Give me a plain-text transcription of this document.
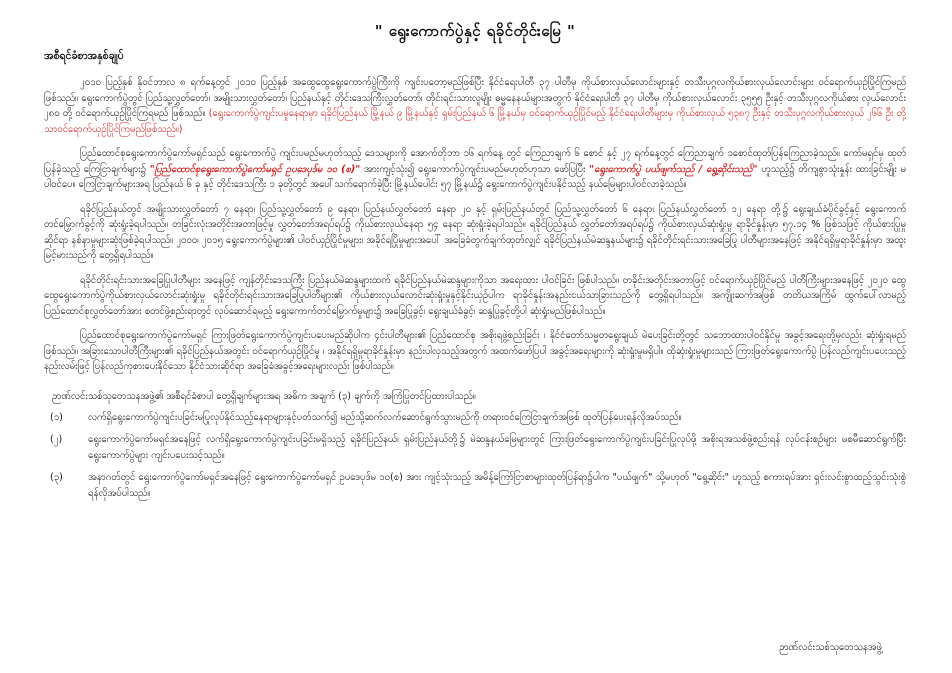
" ရွေးကောက်ပွဲနှင့် ရခိုင်တိုင်းမြေ "
အစီရင်ခံစာအနှစ်ချုပ်

၂၀၁၀ ပြည့်နှစ် နိုဝင်ဘာလ ၈ ရက်နေ့တွင် ၂၀၁၀ ပြည့်နှစ် အထွေထွေရွေးကောက်ပွဲကြီးကို ကျင်းပတော့မည်ဖြစ်ပြီး နိုင်ငံရေးပါတီ ၃၇ ပါတီမှ ကိုယ်စားလှယ်လောင်းများနှင့် တသီးပုဂ္ဂလကိုယ်စားလှယ်လောင်းများ ဝင်ရောက်ယှဉ်ပြိုင်ကြမည် ဖြစ်သည်။ ရွေးကောက်ပွဲတွင် ပြည်သူ့လွှတ်တော်၊ အမျိုးသားလွှတ်တော်၊ ပြည်နယ်နှင့် တိုင်းဒေသကြီးလွှတ်တော်၊ တိုင်းရင်းသားလူမျိုး ဓမ္မနေနယ်များအတွက် နိုင်ငံရေးပါတီ ၃၇ ပါတီမှ ကိုယ်စားလှယ်လောင်း ၃၅၅၅ ဦးနှင့် တသီးပုဂ္ဂလကိုယ်စား လှယ်လောင်း ၂၈၀ တို့ ဝင်ရောက်ယှဉ်ပြိုင်ကြရမည် ဖြစ်သည်။ (ရွေးကောက်ပွဲကျင်းပမှုနေရာမှာ ရခိုင်ပြည်နယ် မြို့နယ် ၉ မြို့နယ်နှင့် ရှမ်းပြည်နယ် ၆ မြို့နယ်မှ ဝင်ရောက်ယှဉ်ပြိုင်မည့် နိုင်ငံရေးပါတီများမှ ကိုယ်စားလှယ် ၅၃၈၇ ဦးနှင့် တသီးပုဂ္ဂလကိုယ်စားလှယ် ၂၆၆ ဦး တို့သာဝင်ရောက်ယှဉ်ပြိုင်ကြမည်ဖြစ်သည်။)

ပြည်ထောင်စုရွေးကောက်ပွဲကော်မရှင်သည် ရွေးကောက်ပွဲ ကျင်းပမည်မဟုတ်သည့် ဒေသများကို အောက်တိုဘာ ၁၆ ရက်နေ့ တွင် ကြေညာချက် ၆ စောင် နှင့် ၂၇ ရက်နေ့တွင် ကြေညာချက် ၁စောင်ထုတ်ပြန်ကြေညာခဲ့သည်။ ကော်မရှင်မှ ထုတ်ပြန်ခဲ့သည့် ကြေငြာချက်များ၌ "ပြည်ထောင်စုရွေးကောက်ပွဲကော်မရှင် ဥပဒေပုဒ်မ ၁၀ (စ)" အားကျင့်သုံး၍ ရွေးကောက်ပွဲကျင်းပမည်မဟုတ်ဟုသာ ဖော်ပြပြီး "ရွေးကောက်ပွဲ ပယ်ဖျက်သည် / ရွေ့ဆိုင်းသည်" ဟူသည့်၌ တိကျစွာသုံးနှုန်း ထားခြင်းမျိုး မပါဝင်ပေ။ ကြေငြာချက်များအရ ပြည်နယ် ၆ ခု နှင့် တိုင်းဒေသကြီး ၁ ခုတို့တွင် အပေါ်သက်ရောက်ခဲ့ပြီး မြို့နယ်ပေါင်း ၅၇ မြို့နယ်၌ ရွေးကောက်ပွဲကျင်းပနိုင်သည့် နယ်မြေများပါဝင်လာခဲ့သည်။

ရခိုင်ပြည်နယ်တွင် အမျိုးသားလွှတ်တော် ၇ နေရာ၊ ပြည်သူ့လွှတ်တော် ၉ နေရာ၊ ပြည်နယ်လွှတ်တော် နေရာ ၂၀ နှင့် ရှမ်းပြည်နယ်တွင် ပြည်သူ့လွှတ်တော် ၆ နေရာ၊ ပြည်နယ်လွှတ်တော် ၁၂ နေရာ တို့၌ ရွေးချယ်ခံပိုင်ခွင့်နှင့် ရွေးကောက်တင်မြှောက်ခွင့်ကို ဆုံးရှုံးခဲ့ရပါသည်။ တခြင်းလုံးအတိုင်းအတာဖြင့်မှု လွှတ်တော်အရပ်ရပ်၌ ကိုယ်စားလှယ်နေရာ ၅၄ နေရာ ဆုံးရှုံးခဲ့ရပါသည်။ ရခိုင်ပြည်နယ် လွှတ်တော်အရပ်ရပ်၌ ကိုယ်စားလှယ်ဆုံးရှုံးမှု ရာခိုင်နှုန်းမှာ ၅၇.၁၄ % ဖြစ်သဖြင့် ကိုယ်စားပြုမှုဆိုင်ရာ နစ်နာမှုများဆုံးဖြစ်ခဲ့ရပါသည်။ ၂၀၀၀၊ ၂၀၁၅ ရွေးကောက်ပွဲများ၏ ပါဝင်ယှဉ်ပြိုင်မှုများ၊ အခိုင်ရပြိုမှုများအပေါ် အခြေခံတွက်ချက်ထုတ်လျှင် ရခိုင်ပြည်နယ်မဲဆန္ဒနယ်များ၌ ရခိုင်တိုင်းရင်းသားအခြေပြု ပါတီများအနေဖြင့် အနိုင်ရရှိမှုရာခိုင်နှုန်းမှာ အထူးမြင့်မားသည်ကို တွေ့ရှိရပါသည်။

ရခိုင်တိုင်းရင်းသားအခြေပြုပါတီများ အနေဖြင့် ကျန်တိုင်းဒေသကြီး ပြည်နယ်မဲဆန္ဒများထက် ရခိုင်ပြည်နယ်မဲဆန္ဒများကိုသာ အရေးထား ပါဝင်ခြင်း ဖြစ်ပါသည်။ တခိုင်းအတိုင်းအတာဖြင့် ဝင်ရောက်ယှဉ်ပြိုင်မည့် ပါတီကြီးများအနေဖြင့် ၂၀၂၀ ထွေထွေရွေးကောက်ပွဲကိုယ်စားလှယ်လောင်းဆုံးရှုံးမှု ရခိုင်တိုင်းရင်းသားအခြေပြုပါတီများ၏ ကိုယ်စားလှယ်လောင်းဆုံးရှုံးမှုနှင့်နိုင်းယှဉ်ပါက ရာခိုင်နှုန်းအနည်းငယ်သာခြားသည်ကို တွေ့ရှိရပါသည်။ အကျိုးဆက်အဖြစ် တတိယအကြိမ် ထွက်ပေါ်လာမည့် ပြည်ထောင်စုလွှတ်တော်အား စတင်ဖွဲ့စည်းရာတွင် လုပ်ဆောင်ရမည့် ရွေးကောက်တင်မြှောက်မှုများ၌ အခြေပြုခွင့်၊ ရွေးချယ်ခံခွင့်၊ ဆန္ဒပြုခွင့်တို့ပါ ဆုံးရှုံးမည်ဖြစ်ပါသည်။

ပြည်ထောင်စုရွေးကောက်ပွဲကော်မရှင် ကြားဖြတ်ရွေးကောက်ပွဲကျင်းပပေးမည်ဆိုပါက ၄င်းပါတီများ၏ ပြည်ထောင်စု အစိုးရဖွဲ့စည်းခြင်း ၊ နိုင်ငံတော်သမ္မတရွေးချယ် မဲပေးခြင်းတို့တွင် သဘောထားပါဝင်နိုင်မှု အခွင့်အရေးတို့မှလည်း ဆုံးရှုံးရမည်ဖြစ်သည်။ အခြားသောပါတီကြီးများ၏ ရခိုင်ပြည်နယ်အတွင်း ဝင်ရောက်ယှဉ်ပြိုင်မှု ၊ အနိုင်ရရှိမှုရာခိုင်နှုန်းမှာ နည်းပါလှသည့်အတွက် အထက်ဖော်ပြပါ အခွင့်အရေးများကို ဆုံးရှုံးမှုမရှိပါ။ ထိုဆုံးရှုံးမှုများသည် ကြားဖြတ်ရွေးကောက်ပွဲ ပြန်လည်ကျင်းပပေးသည့်နည်းလမ်းဖြင့် ပြန်လည်ကုစားပေးနိုင်သော နိုင်ငံသားဆိုင်ရာ အခြေခံအခွင့်အရေးများလည်း ဖြစ်ပါသည်။

ဉာဏ်လင်းသစ်သုတေသနအဖွဲ့၏ အစီရင်ခံစာပါ တွေ့ရှိချက်များအရ အဓိက အချက် (၃) ချက်ကို အကြံပြုတင်ပြထားပါသည်။
(၁)	လက်ရှိရွေးကောက်ပွဲကျင်းပခြင်းမပြုလုပ်နိုင်သည့်နေရာများနှင့်ပတ်သက်၍ မည်သို့ဆက်လက်ဆောင်ရွက်သွားမည်ကို တရားဝင်ကြေငြာချက်အဖြစ် ထုတ်ပြန်ပေးရန်လိုအပ်သည်။
(၂)	ရွေးကောက်ပွဲကော်မရှင်အနေဖြင့် လက်ရှိရွေးကောက်ပွဲကျင်းပခြင်းမရှိသည့် ရခိုင်ပြည်နယ်၊ ရှမ်းပြည်နယ်တို့၌ မဲဆန္ဒနယ်မြေများတွင် ကြားဖြတ်ရွေးကောက်ပွဲကျင်းပခြင်းပြုလုပ်ဖို့ အစိုးရအသစ်ဖွဲ့စည်းရန် လုပ်ငန်းစဉ်များ မစမီဆောင်ရွက်ပြီး ရွေးကောက်ပွဲများ ကျင်းပပေးသင့်သည်။
(၃)	အနာဂတ်တွင် ရွေးကောက်ပွဲကော်မရှင်အနေဖြင့် ရွေးကောက်ပွဲကော်မရှင် ဥပဒေပုဒ်မ ၁၀(စ) အား ကျင့်သုံးသည့် အမိန့်ကြော်ငြာစာများထုတ်ပြန်ရာ၌ပါက "ပယ်ဖျက်" သို့မဟုတ် "ရွေ့ဆိုင်း" ဟူသည့် စကားရပ်အား ရှင်းလင်းစွာထည့်သွင်းသုံးစွဲရန်လိုအပ်ပါသည်။
ဉာဏ်လင်းသစ်သုတေသနအဖွဲ့
